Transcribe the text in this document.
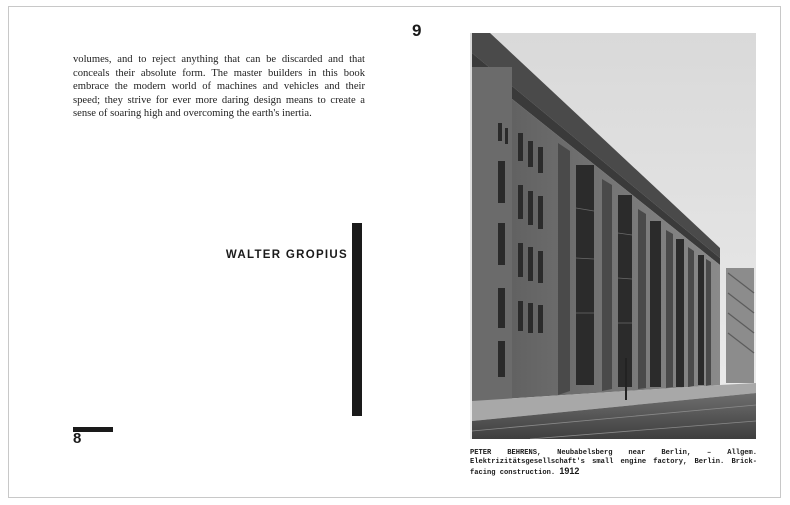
volumes, and to reject anything that can be discarded and that conceals their absolute form. The master builders in this book embrace the modern world of machines and vehicles and their speed; they strive for ever more daring design means to create a sense of soaring high and overcoming the earth's inertia.

WALTER GROPIUS
8
9

PETER BEHRENS, Neubabelsberg near Berlin, – Allgem. Elektrizitätsgesellschaft's small engine factory, Berlin. Brick-facing construction. 1912
